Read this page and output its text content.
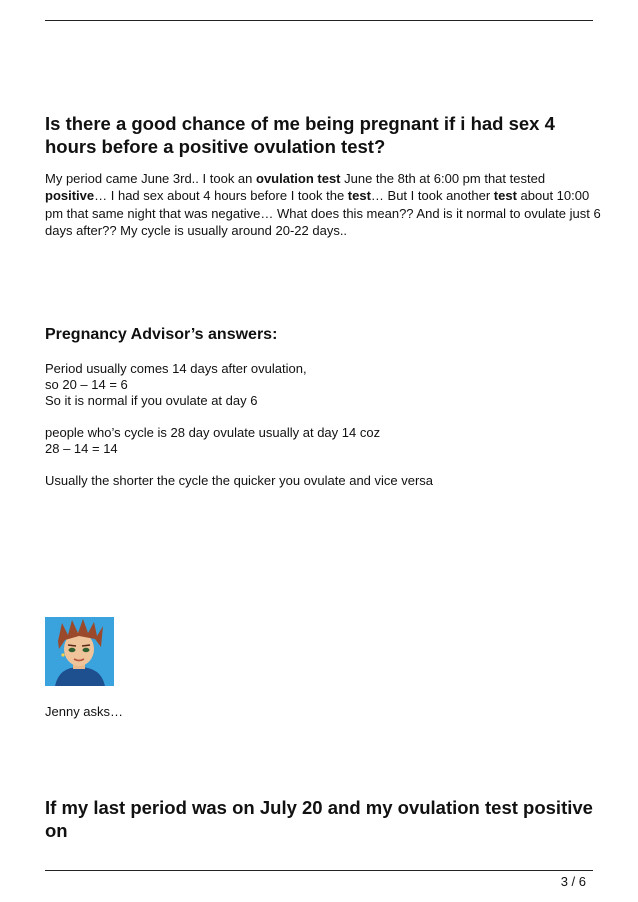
Is there a good chance of me being pregnant if i had sex 4 hours before a positive ovulation test?

My period came June 3rd.. I took an ovulation test June the 8th at 6:00 pm that tested positive… I had sex about 4 hours before I took the test… But I took another test about 10:00 pm that same night that was negative… What does this mean?? And is it normal to ovulate just 6 days after?? My cycle is usually around 20-22 days..

Pregnancy Advisor’s answers:

Period usually comes 14 days after ovulation,
so 20 – 14 = 6
So it is normal if you ovulate at day 6

people who’s cycle is 28 day ovulate usually at day 14 coz
28 – 14 = 14

Usually the shorter the cycle the quicker you ovulate and vice versa

Jenny asks…

If my last period was on July 20 and my ovulation test positive on
3 / 6
